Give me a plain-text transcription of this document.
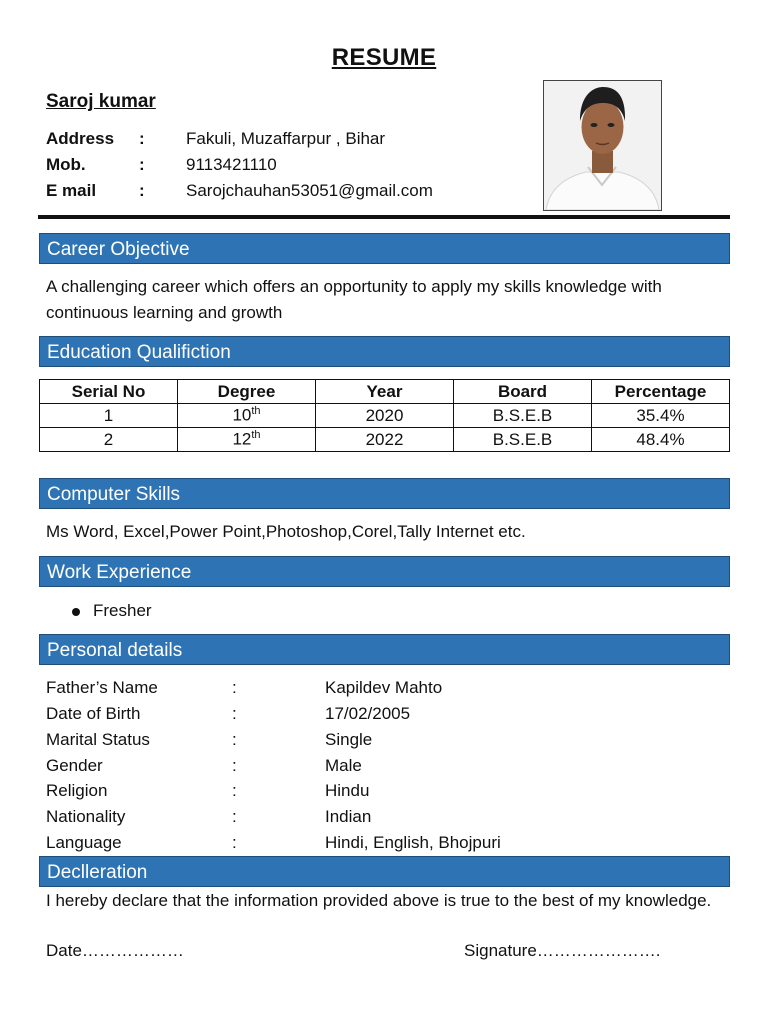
RESUME
Saroj kumar
Address : Fakuli, Muzaffarpur , Bihar
Mob.	: 9113421110
E mail	: Sarojchauhan53051@gmail.com
Career Objective
A challenging career which offers an opportunity to apply my skills knowledge with continuous learning and growth
Education Qualifiction
Serial No	Degree	Year	Board	Percentage
1	10th	2020	B.S.E.B	35.4%
2	12th	2022	B.S.E.B	48.4%
Computer Skills
Ms Word, Excel,Power Point,Photoshop,Corel,Tally Internet etc.
Work Experience
Fresher
Personal details
Father’s Name	:	Kapildev Mahto
Date of Birth	:	17/02/2005
Marital Status	:	Single
Gender	:	Male
Religion	:	Hindu
Nationality	:	Indian
Language	:	Hindi, English, Bhojpuri
Declleration
I hereby declare that the information provided above is true to the best of my knowledge.
Date………………	Signature………………….
